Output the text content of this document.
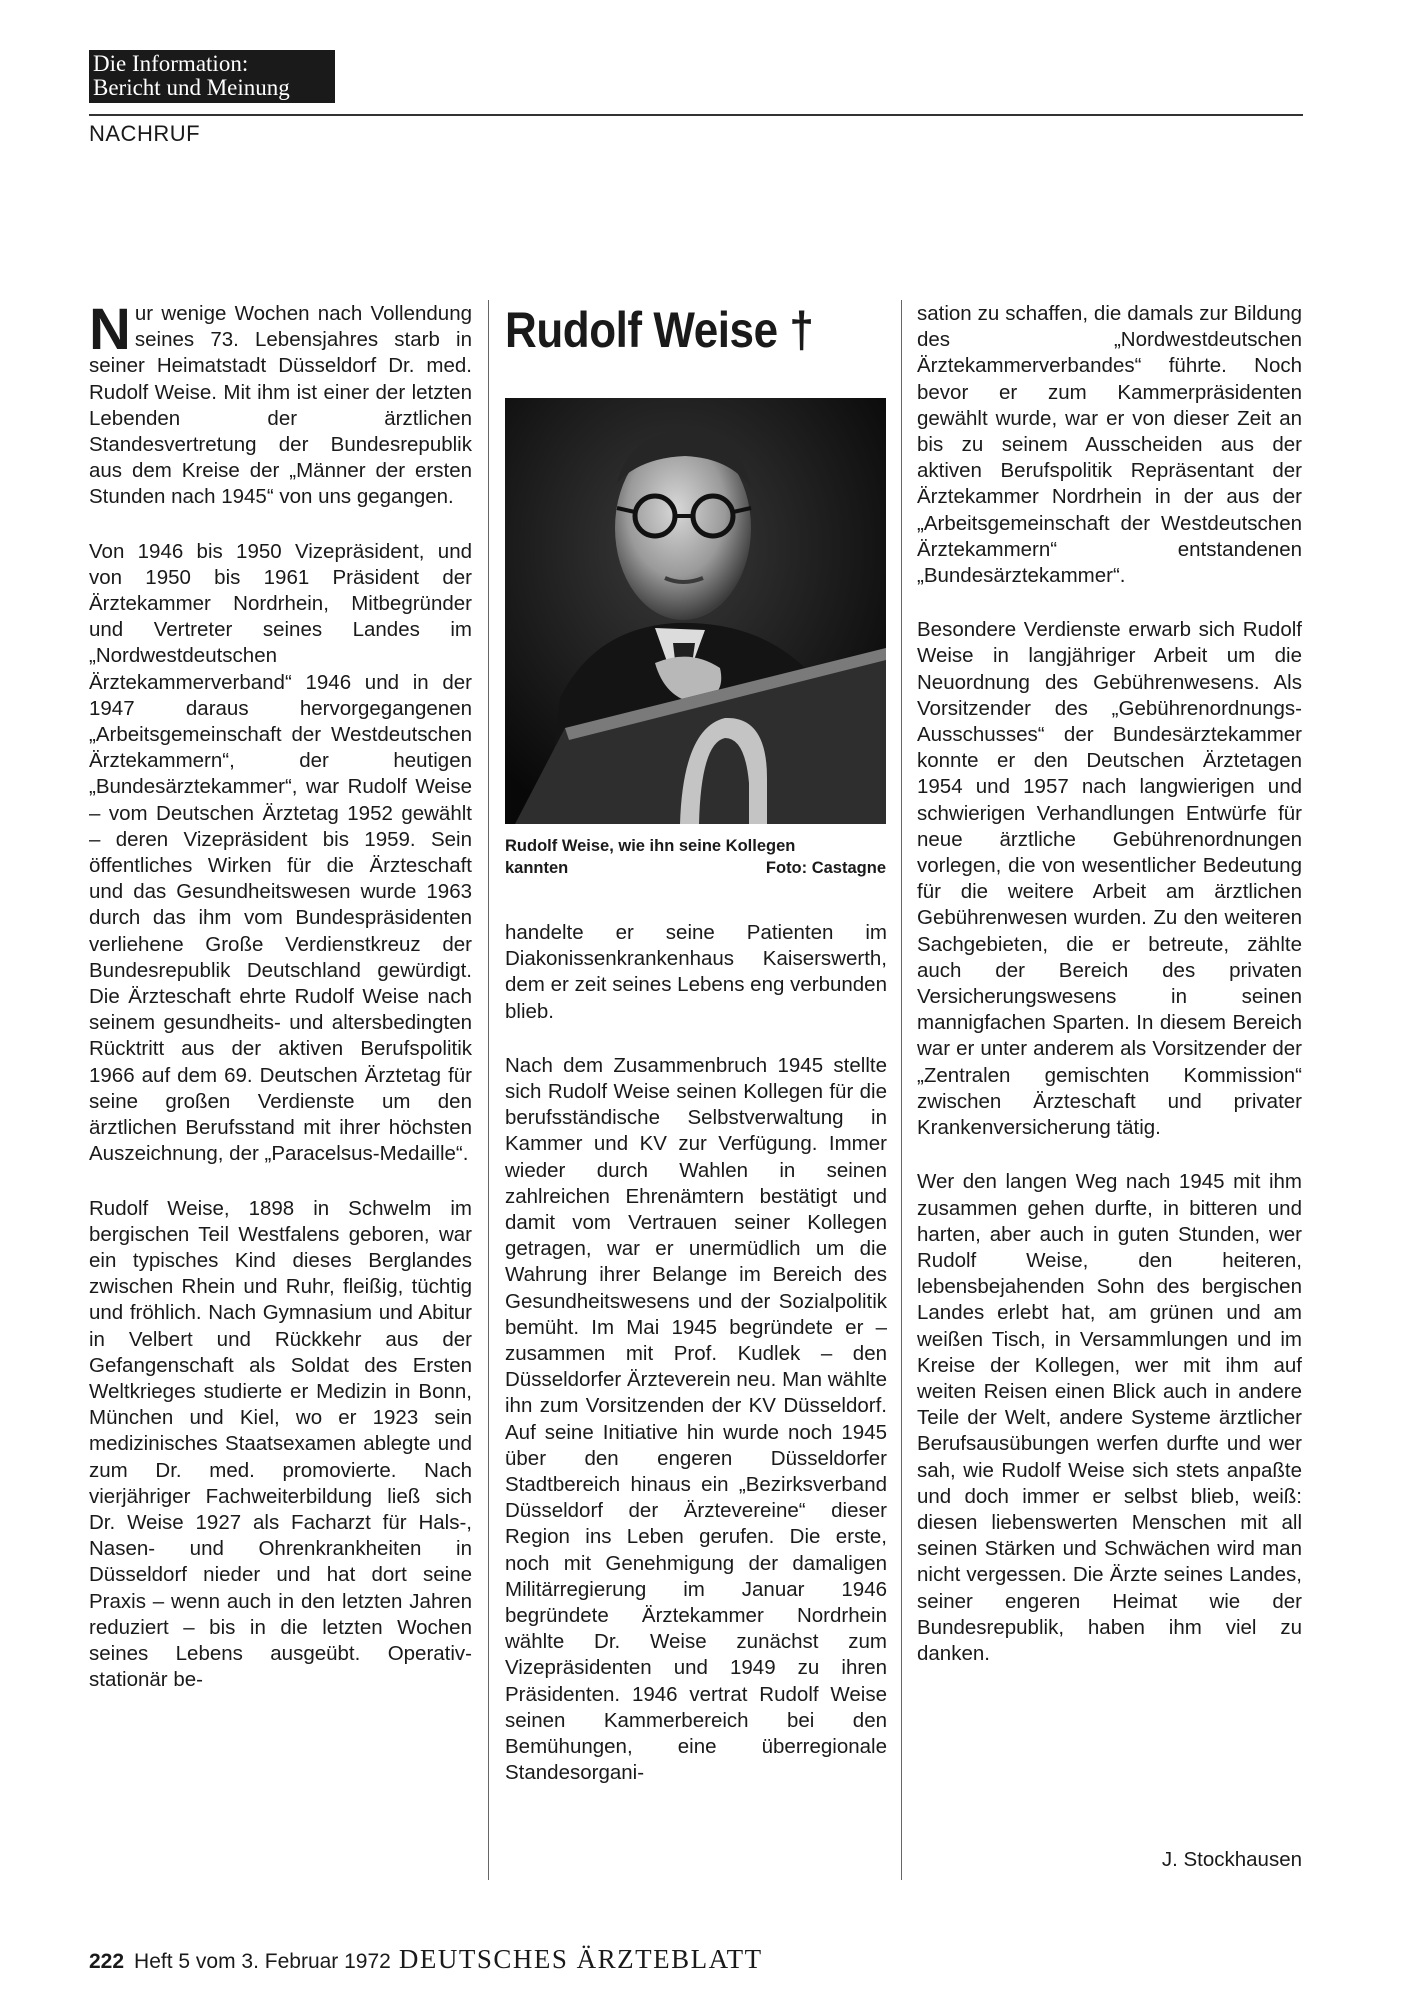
Die Information:
Bericht und Meinung
NACHRUF

Nur wenige Wochen nach Vollendung seines 73. Lebensjahres starb in seiner Heimatstadt Düsseldorf Dr. med. Rudolf Weise. Mit ihm ist einer der letzten Lebenden der ärztlichen Standesvertretung der Bundesrepublik aus dem Kreise der „Männer der ersten Stunden nach 1945“ von uns gegangen.

Von 1946 bis 1950 Vizepräsident, und von 1950 bis 1961 Präsident der Ärztekammer Nordrhein, Mitbegründer und Vertreter seines Landes im „Nordwestdeutschen Ärztekammerverband“ 1946 und in der 1947 daraus hervorgegangenen „Arbeitsgemeinschaft der Westdeutschen Ärztekammern“, der heutigen „Bundesärztekammer“, war Rudolf Weise – vom Deutschen Ärztetag 1952 gewählt – deren Vizepräsident bis 1959. Sein öffentliches Wirken für die Ärzteschaft und das Gesundheitswesen wurde 1963 durch das ihm vom Bundespräsidenten verliehene Große Verdienstkreuz der Bundesrepublik Deutschland gewürdigt. Die Ärzteschaft ehrte Rudolf Weise nach seinem gesundheits- und altersbedingten Rücktritt aus der aktiven Berufspolitik 1966 auf dem 69. Deutschen Ärztetag für seine großen Verdienste um den ärztlichen Berufsstand mit ihrer höchsten Auszeichnung, der „Paracelsus-Medaille“.

Rudolf Weise, 1898 in Schwelm im bergischen Teil Westfalens geboren, war ein typisches Kind dieses Berglandes zwischen Rhein und Ruhr, fleißig, tüchtig und fröhlich. Nach Gymnasium und Abitur in Velbert und Rückkehr aus der Gefangenschaft als Soldat des Ersten Weltkrieges studierte er Medizin in Bonn, München und Kiel, wo er 1923 sein medizinisches Staatsexamen ablegte und zum Dr. med. promovierte. Nach vierjähriger Fachweiterbildung ließ sich Dr. Weise 1927 als Facharzt für Hals-, Nasen- und Ohrenkrankheiten in Düsseldorf nieder und hat dort seine Praxis – wenn auch in den letzten Jahren reduziert – bis in die letzten Wochen seines Lebens ausgeübt. Operativ-stationär be-

Rudolf Weise †
Rudolf Weise, wie ihn seine Kollegen
kannten	Foto: Castagne

handelte er seine Patienten im Diakonissenkrankenhaus Kaiserswerth, dem er zeit seines Lebens eng verbunden blieb.

Nach dem Zusammenbruch 1945 stellte sich Rudolf Weise seinen Kollegen für die berufsständische Selbstverwaltung in Kammer und KV zur Verfügung. Immer wieder durch Wahlen in seinen zahlreichen Ehrenämtern bestätigt und damit vom Vertrauen seiner Kollegen getragen, war er unermüdlich um die Wahrung ihrer Belange im Bereich des Gesundheitswesens und der Sozialpolitik bemüht. Im Mai 1945 begründete er – zusammen mit Prof. Kudlek – den Düsseldorfer Ärzteverein neu. Man wählte ihn zum Vorsitzenden der KV Düsseldorf. Auf seine Initiative hin wurde noch 1945 über den engeren Düsseldorfer Stadtbereich hinaus ein „Bezirksverband Düsseldorf der Ärztevereine“ dieser Region ins Leben gerufen. Die erste, noch mit Genehmigung der damaligen Militärregierung im Januar 1946 begründete Ärztekammer Nordrhein wählte Dr. Weise zunächst zum Vizepräsidenten und 1949 zu ihren Präsidenten. 1946 vertrat Rudolf Weise seinen Kammerbereich bei den Bemühungen, eine überregionale Standesorgani-

sation zu schaffen, die damals zur Bildung des „Nordwestdeutschen Ärztekammerverbandes“ führte. Noch bevor er zum Kammerpräsidenten gewählt wurde, war er von dieser Zeit an bis zu seinem Ausscheiden aus der aktiven Berufspolitik Repräsentant der Ärztekammer Nordrhein in der aus der „Arbeitsgemeinschaft der Westdeutschen Ärztekammern“ entstandenen „Bundesärztekammer“.

Besondere Verdienste erwarb sich Rudolf Weise in langjähriger Arbeit um die Neuordnung des Gebührenwesens. Als Vorsitzender des „Gebührenordnungs-Ausschusses“ der Bundesärztekammer konnte er den Deutschen Ärztetagen 1954 und 1957 nach langwierigen und schwierigen Verhandlungen Entwürfe für neue ärztliche Gebührenordnungen vorlegen, die von wesentlicher Bedeutung für die weitere Arbeit am ärztlichen Gebührenwesen wurden. Zu den weiteren Sachgebieten, die er betreute, zählte auch der Bereich des privaten Versicherungswesens in seinen mannigfachen Sparten. In diesem Bereich war er unter anderem als Vorsitzender der „Zentralen gemischten Kommission“ zwischen Ärzteschaft und privater Krankenversicherung tätig.

Wer den langen Weg nach 1945 mit ihm zusammen gehen durfte, in bitteren und harten, aber auch in guten Stunden, wer Rudolf Weise, den heiteren, lebensbejahenden Sohn des bergischen Landes erlebt hat, am grünen und am weißen Tisch, in Versammlungen und im Kreise der Kollegen, wer mit ihm auf weiten Reisen einen Blick auch in andere Teile der Welt, andere Systeme ärztlicher Berufsausübungen werfen durfte und wer sah, wie Rudolf Weise sich stets anpaßte und doch immer er selbst blieb, weiß: diesen liebenswerten Menschen mit all seinen Stärken und Schwächen wird man nicht vergessen. Die Ärzte seines Landes, seiner engeren Heimat wie der Bundesrepublik, haben ihm viel zu danken.

J. Stockhausen
222 Heft 5 vom 3. Februar 1972 DEUTSCHES ÄRZTEBLATT
